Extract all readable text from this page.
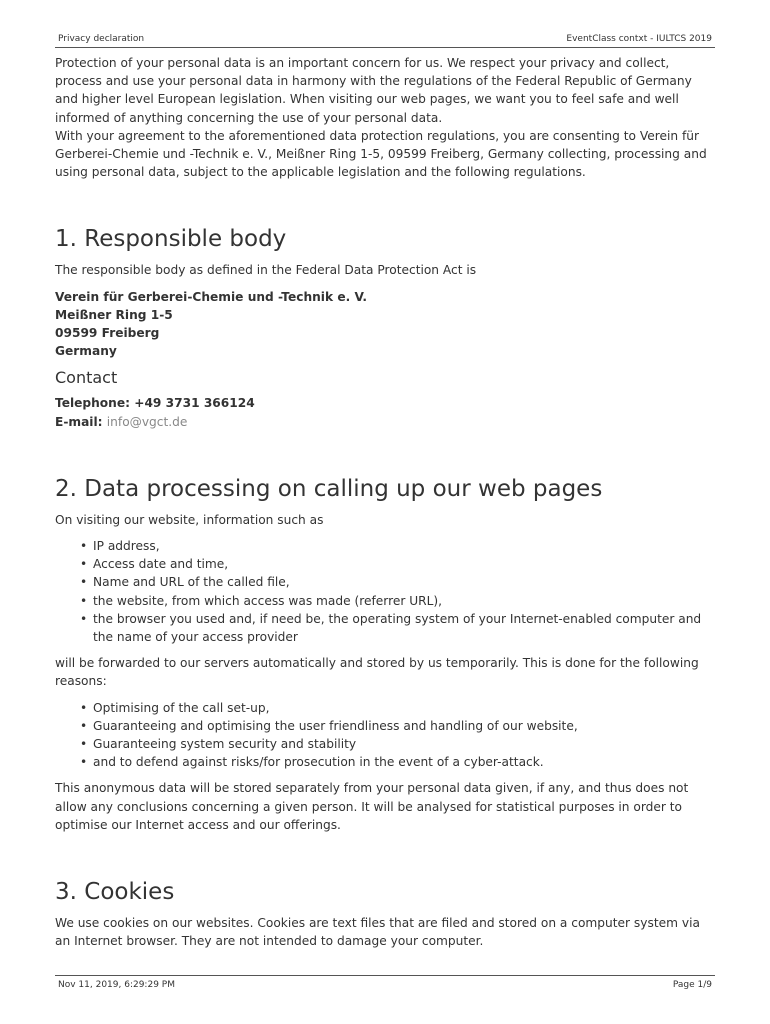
Privacy declaration	EventClass contxt - IULTCS 2019

Protection of your personal data is an important concern for us. We respect your privacy and collect, process and use your personal data in harmony with the regulations of the Federal Republic of Germany and higher level European legislation. When visiting our web pages, we want you to feel safe and well informed of anything concerning the use of your personal data.

With your agreement to the aforementioned data protection regulations, you are consenting to Verein für Gerberei-Chemie und -Technik e. V., Meißner Ring 1-5, 09599 Freiberg, Germany collecting, processing and using personal data, subject to the applicable legislation and the following regulations.

1. Responsible body

The responsible body as defined in the Federal Data Protection Act is

Verein für Gerberei-Chemie und -Technik e. V.
Meißner Ring 1-5
09599 Freiberg
Germany
Contact
Telephone: +49 3731 366124
E-mail: info@vgct.de
2. Data processing on calling up our web pages

On visiting our website, information such as

• IP address,
• Access date and time,
• Name and URL of the called file,
• the website, from which access was made (referrer URL),
• the browser you used and, if need be, the operating system of your Internet-enabled computer and the name of your access provider

will be forwarded to our servers automatically and stored by us temporarily. This is done for the following reasons:

• Optimising of the call set-up,
• Guaranteeing and optimising the user friendliness and handling of our website,
• Guaranteeing system security and stability
• and to defend against risks/for prosecution in the event of a cyber-attack.

This anonymous data will be stored separately from your personal data given, if any, and thus does not allow any conclusions concerning a given person. It will be analysed for statistical purposes in order to optimise our Internet access and our offerings.

3. Cookies

We use cookies on our websites. Cookies are text files that are filed and stored on a computer system via an Internet browser. They are not intended to damage your computer.

Nov 11, 2019, 6:29:29 PM	Page 1/9
